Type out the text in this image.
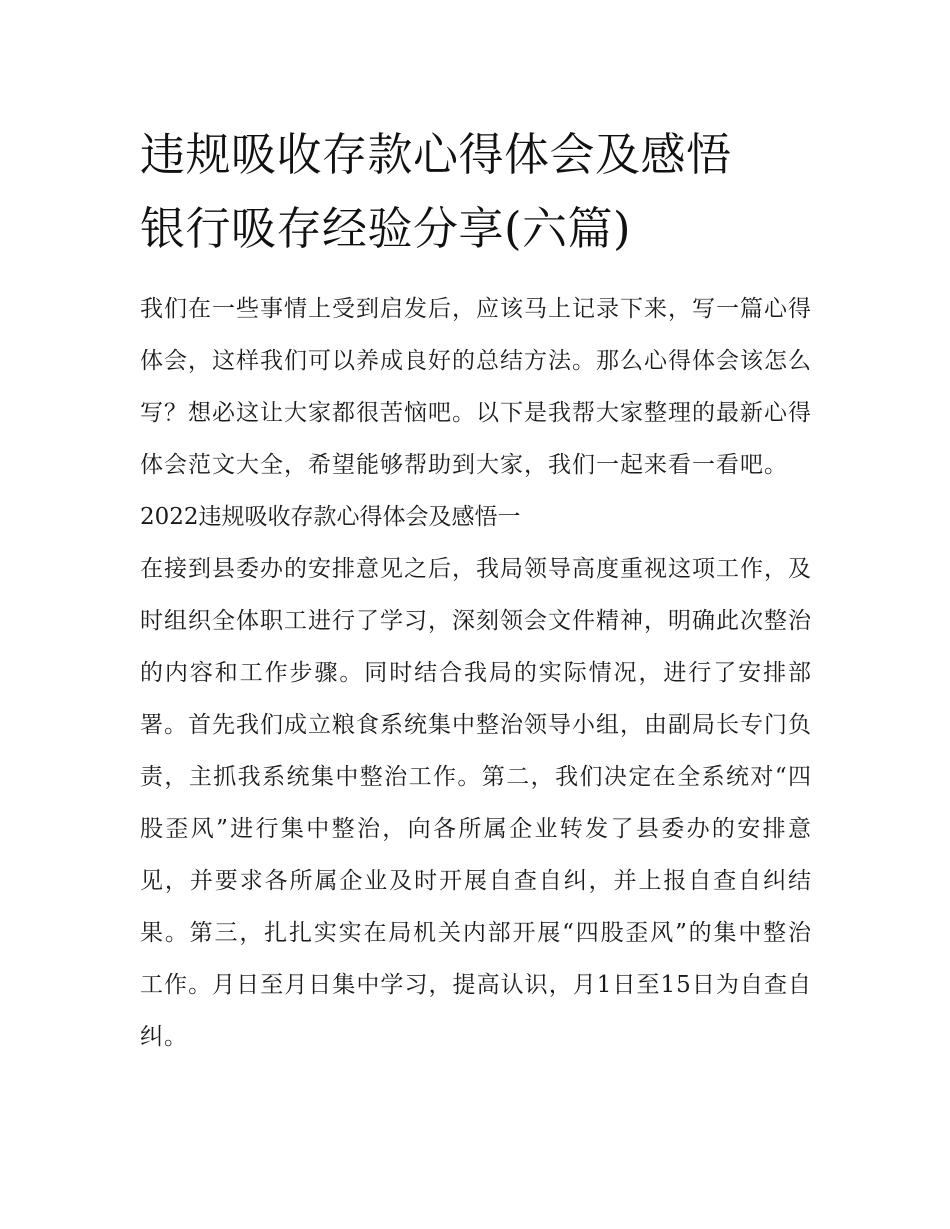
违规吸收存款心得体会及感悟
银行吸存经验分享(六篇)

我们在一些事情上受到启发后，应该马上记录下来，写一篇心得体会，这样我们可以养成良好的总结方法。那么心得体会该怎么写？想必这让大家都很苦恼吧。以下是我帮大家整理的最新心得体会范文大全，希望能够帮助到大家，我们一起来看一看吧。

2022违规吸收存款心得体会及感悟一

在接到县委办的安排意见之后，我局领导高度重视这项工作，及时组织全体职工进行了学习，深刻领会文件精神，明确此次整治的内容和工作步骤。同时结合我局的实际情况，进行了安排部署。首先我们成立粮食系统集中整治领导小组，由副局长专门负责，主抓我系统集中整治工作。第二，我们决定在全系统对“四股歪风”进行集中整治，向各所属企业转发了县委办的安排意见，并要求各所属企业及时开展自查自纠，并上报自查自纠结果。第三，扎扎实实在局机关内部开展“四股歪风”的集中整治工作。月日至月日集中学习，提高认识，月1日至15日为自查自纠。
